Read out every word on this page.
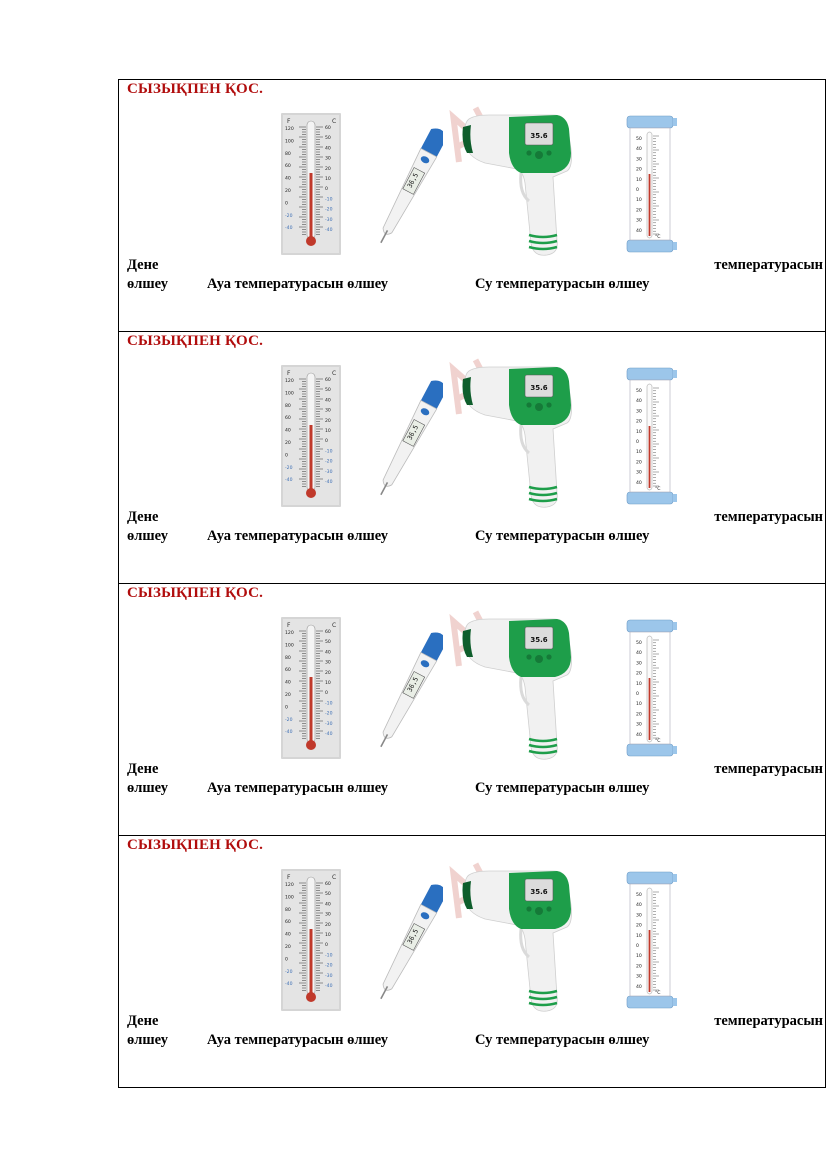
СЫЗЫҚПЕН ҚОС.
F	C
120
100
80
60
40
20
0
-20
-40
60
50
40
30
20
10
0
-10
-20
-30
-40
36,5
35.6	50
40
30
20
10
0
10
20
30
40
°C
Дене
өлшеу	Ауа температурасын өлшеу	Су температурасын өлшеу
температурасын
СЫЗЫҚПЕН ҚОС.
F	C
120
100
80
60
40
20
0
-20
-40
60
50
40
30
20
10
0
-10
-20
-30
-40
36,5
35.6	50
40
30
20
10
0
10
20
30
40
°C
Дене
өлшеу	Ауа температурасын өлшеу	Су температурасын өлшеу
температурасын
СЫЗЫҚПЕН ҚОС.
F	C
120
100
80
60
40
20
0
-20
-40
60
50
40
30
20
10
0
-10
-20
-30
-40
36,5
35.6	50
40
30
20
10
0
10
20
30
40
°C
Дене
өлшеу	Ауа температурасын өлшеу	Су температурасын өлшеу
температурасын
СЫЗЫҚПЕН ҚОС.
F	C
120
100
80
60
40
20
0
-20
-40
60
50
40
30
20
10
0
-10
-20
-30
-40
36,5
35.6	50
40
30
20
10
0
10
20
30
40
°C
Дене
өлшеу	Ауа температурасын өлшеу	Су температурасын өлшеу
температурасын
